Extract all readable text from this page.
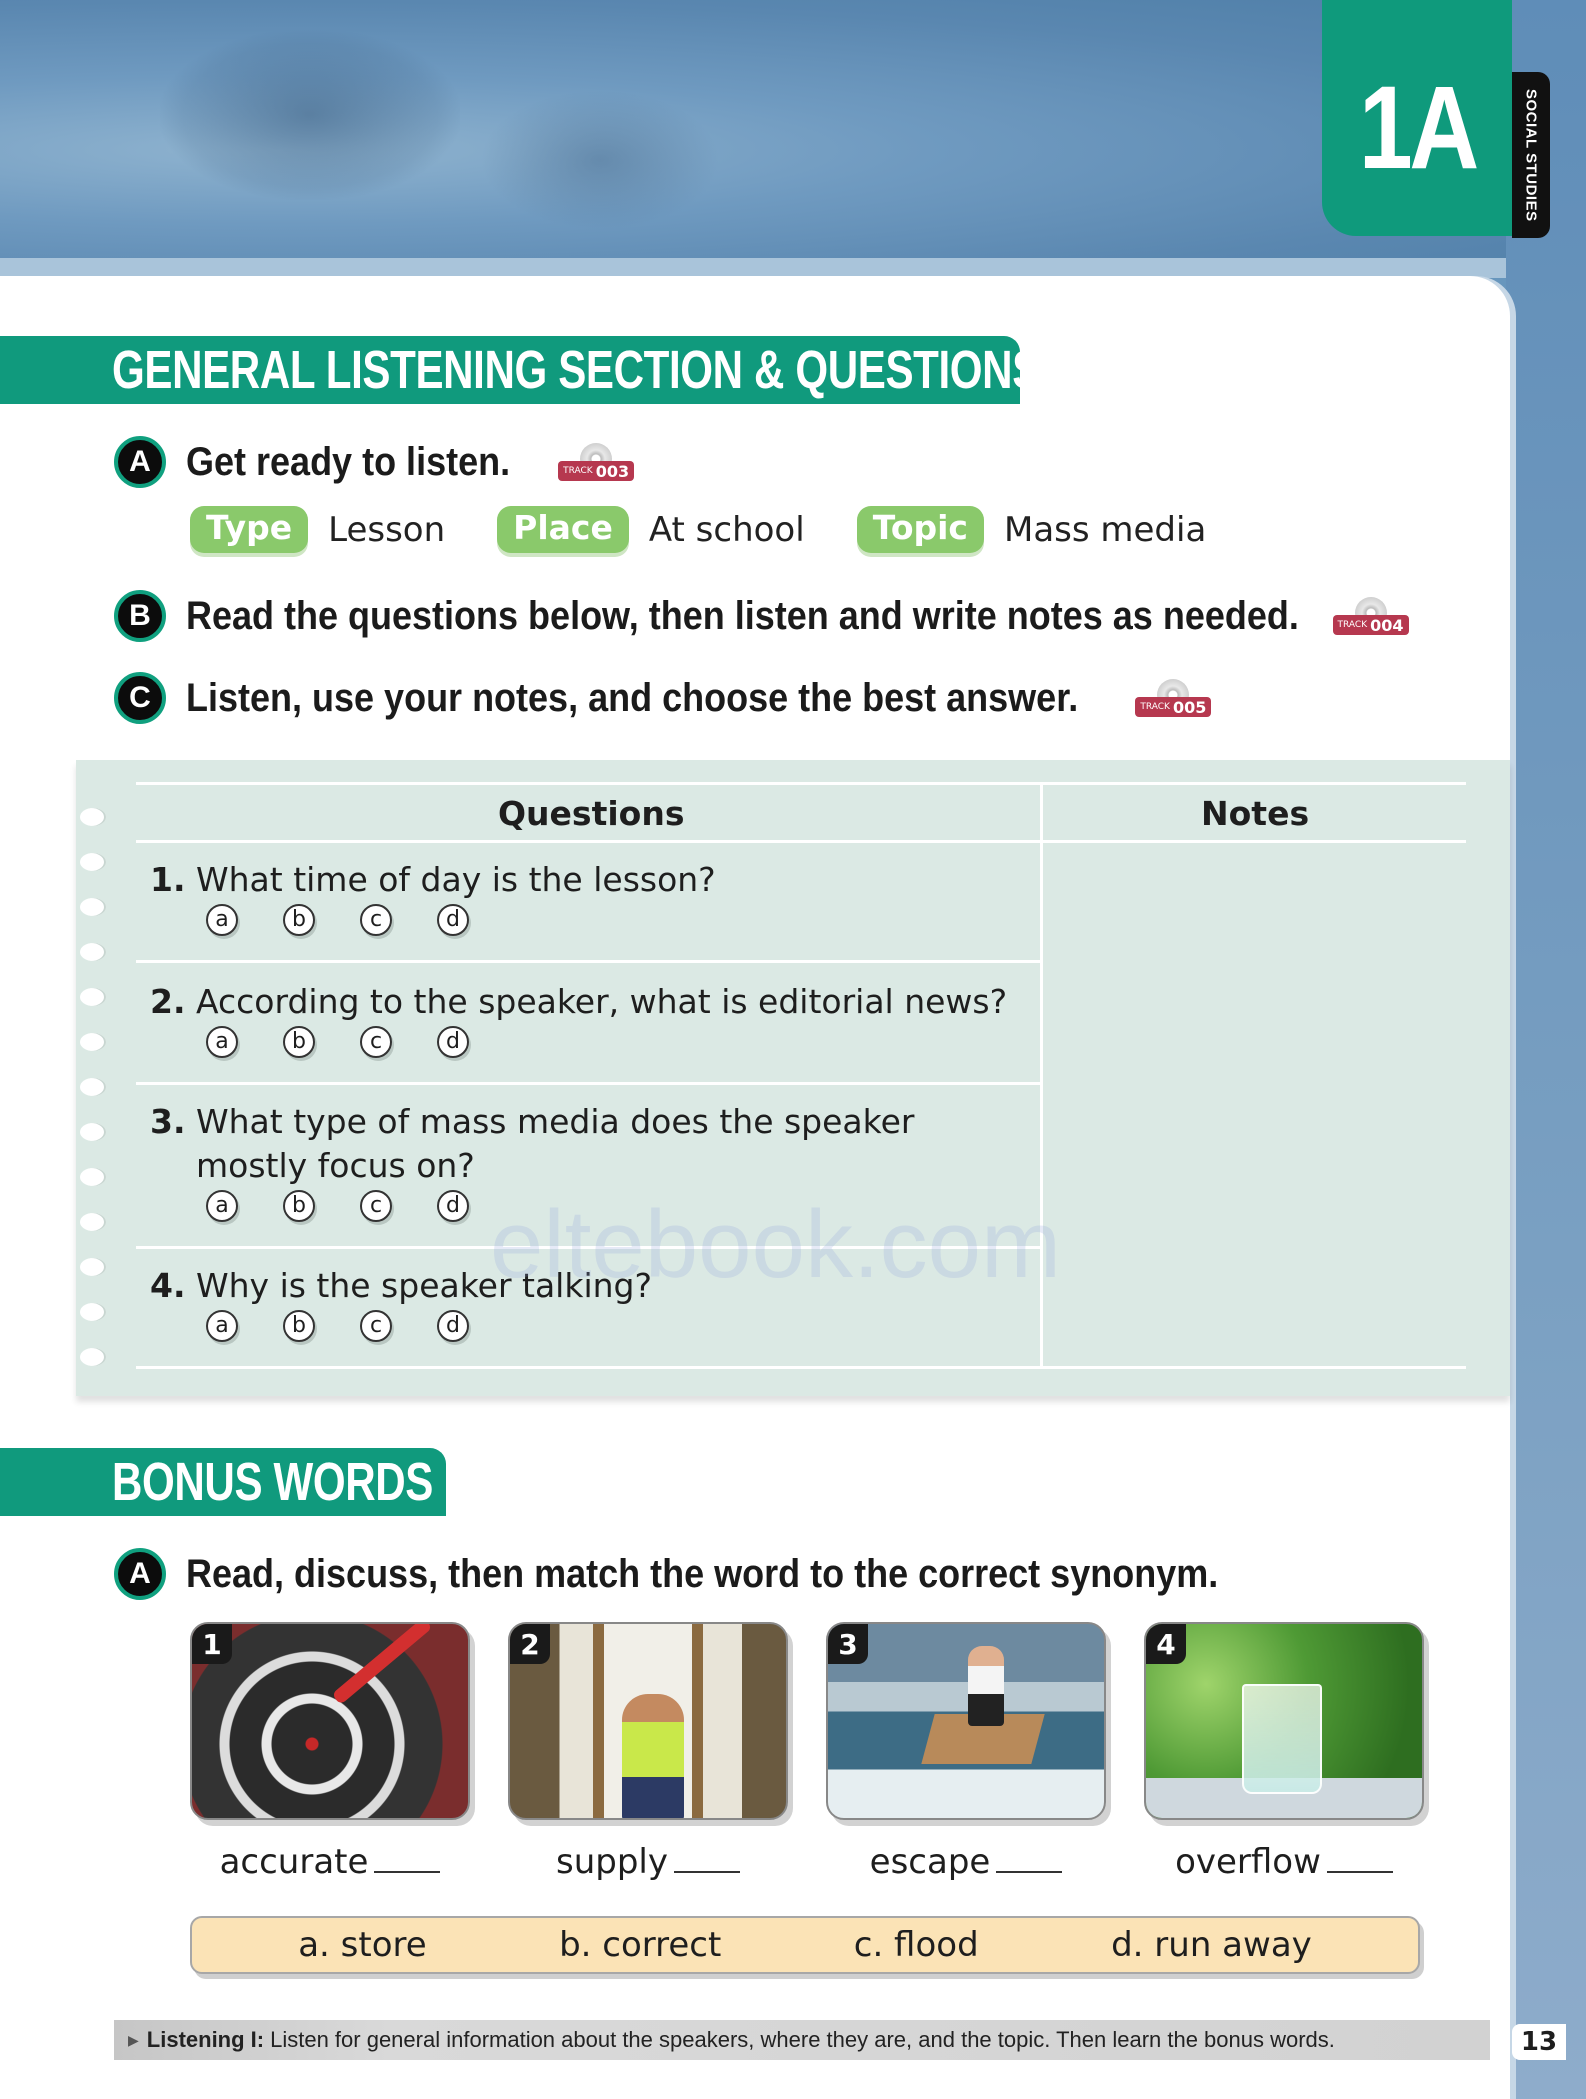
1A	SOCIAL STUDIES
GENERAL LISTENING SECTION & QUESTIONS
A Get ready to listen.	TRACK 003
Type	Lesson	Place	At school	Topic	Mass media
B Read the questions below, then listen and write notes as needed.	TRACK 004
C Listen, use your notes, and choose the best answer.	TRACK 005
Questions	Notes
1. What time of day is the lesson?
a	b	c	d
2. According to the speaker, what is editorial news?
a	b	c	d
3. What type of mass media does the speaker mostly focus on?
a	b	c	d
4. Why is the speaker talking?
a	b	c	d
eltebook.com
BONUS WORDS
A Read, discuss, then match the word to the correct synonym.
1	2	3	4
accurate	supply	escape	overflow
a. store	b. correct	c. flood	d. run away
▶ Listening I: Listen for general information about the speakers, where they are, and the topic. Then learn the bonus words.	13
